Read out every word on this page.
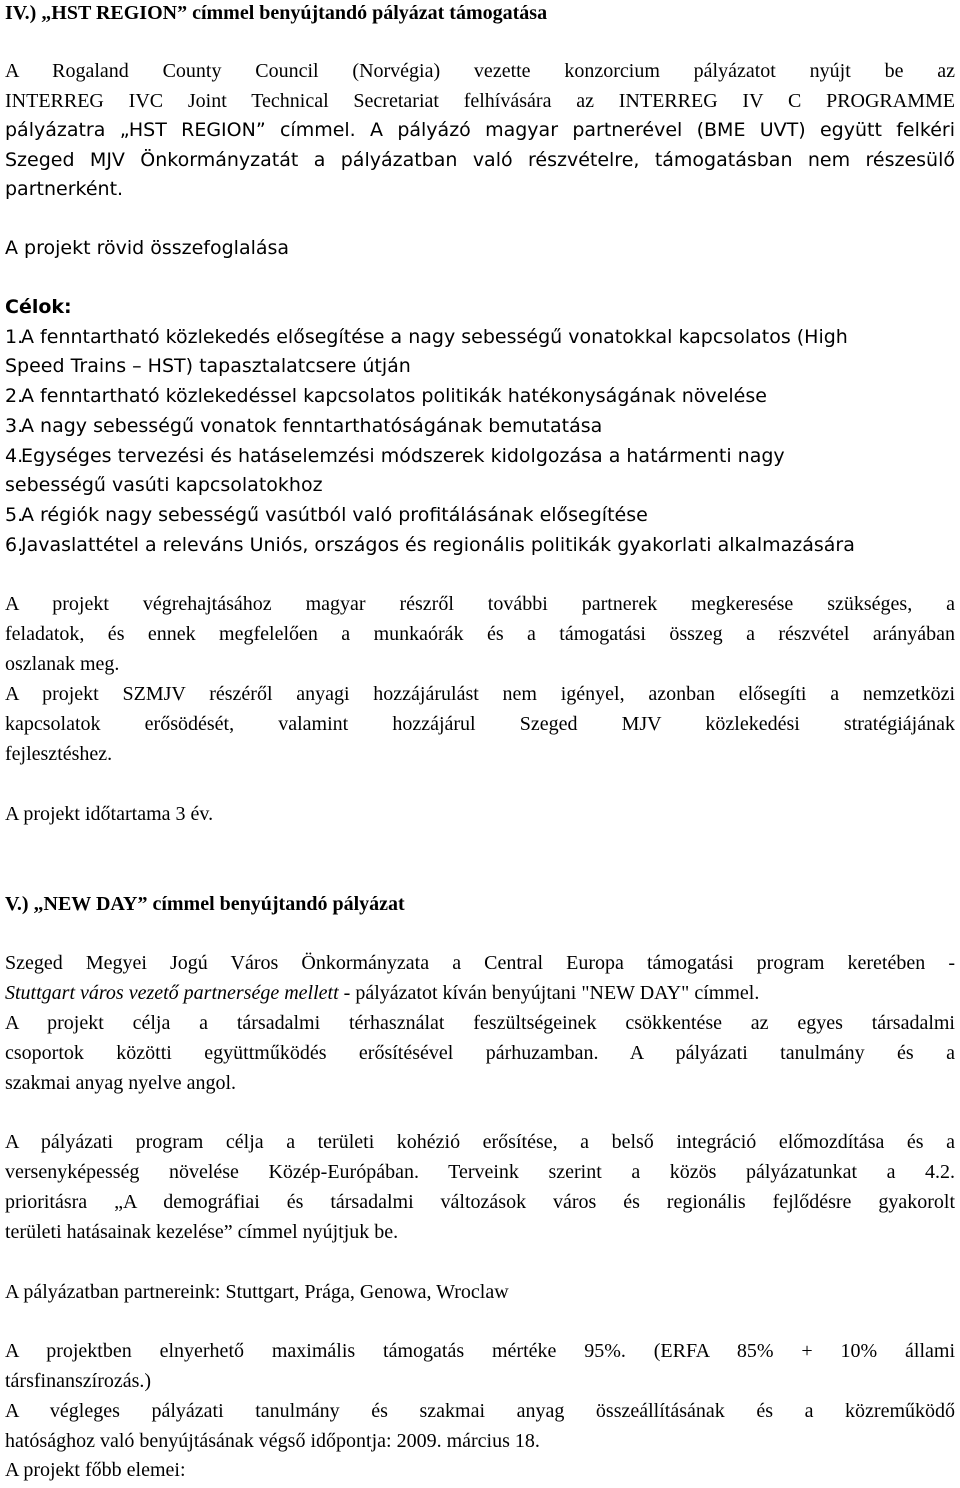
IV.) „HST REGION” címmel benyújtandó pályázat támogatása
A Rogaland County Council (Norvégia) vezette konzorcium pályázatot nyújt be az
INTERREG IVC Joint Technical Secretariat felhívására az INTERREG IV C PROGRAMME
pályázatra „HST REGION” címmel. A pályázó magyar partnerével (BME UVT) együtt felkéri
Szeged MJV Önkormányzatát a pályázatban való részvételre, támogatásban nem részesülő
partnerként.
A projekt rövid összefoglalása
Célok:
1.A fenntartható közlekedés elősegítése a nagy sebességű vonatokkal kapcsolatos (High
Speed Trains – HST) tapasztalatcsere útján
2.A fenntartható közlekedéssel kapcsolatos politikák hatékonyságának növelése
3.A nagy sebességű vonatok fenntarthatóságának bemutatása
4.Egységes tervezési és hatáselemzési módszerek kidolgozása a határmenti nagy
sebességű vasúti kapcsolatokhoz
5.A régiók nagy sebességű vasútból való profitálásának elősegítése
6.Javaslattétel a releváns Uniós, országos és regionális politikák gyakorlati alkalmazására
A projekt végrehajtásához magyar részről további partnerek megkeresése szükséges, a
feladatok, és ennek megfelelően a munkaórák és a támogatási összeg a részvétel arányában
oszlanak meg.
A projekt SZMJV részéről anyagi hozzájárulást nem igényel, azonban elősegíti a nemzetközi
kapcsolatok erősödését, valamint hozzájárul Szeged MJV közlekedési stratégiájának
fejlesztéshez.
A projekt időtartama 3 év.
V.) „NEW DAY” címmel benyújtandó pályázat
Szeged Megyei Jogú Város Önkormányzata a Central Europa támogatási program keretében -
Stuttgart város vezető partnersége mellett - pályázatot kíván benyújtani "NEW DAY" címmel.
A projekt célja a társadalmi térhasználat feszültségeinek csökkentése az egyes társadalmi
csoportok közötti együttműködés erősítésével párhuzamban. A pályázati tanulmány és a
szakmai anyag nyelve angol.
A pályázati program célja a területi kohézió erősítése, a belső integráció előmozdítása és a
versenyképesség növelése Közép-Európában. Terveink szerint a közös pályázatunkat a 4.2.
prioritásra „A demográfiai és társadalmi változások város és regionális fejlődésre gyakorolt
területi hatásainak kezelése” címmel nyújtjuk be.
A pályázatban partnereink: Stuttgart, Prága, Genowa, Wroclaw
A projektben elnyerhető maximális támogatás mértéke 95%. (ERFA 85% + 10% állami
társfinanszírozás.)
A végleges pályázati tanulmány és szakmai anyag összeállításának és a közreműködő
hatósághoz való benyújtásának végső időpontja: 2009. március 18.
A projekt főbb elemei:
